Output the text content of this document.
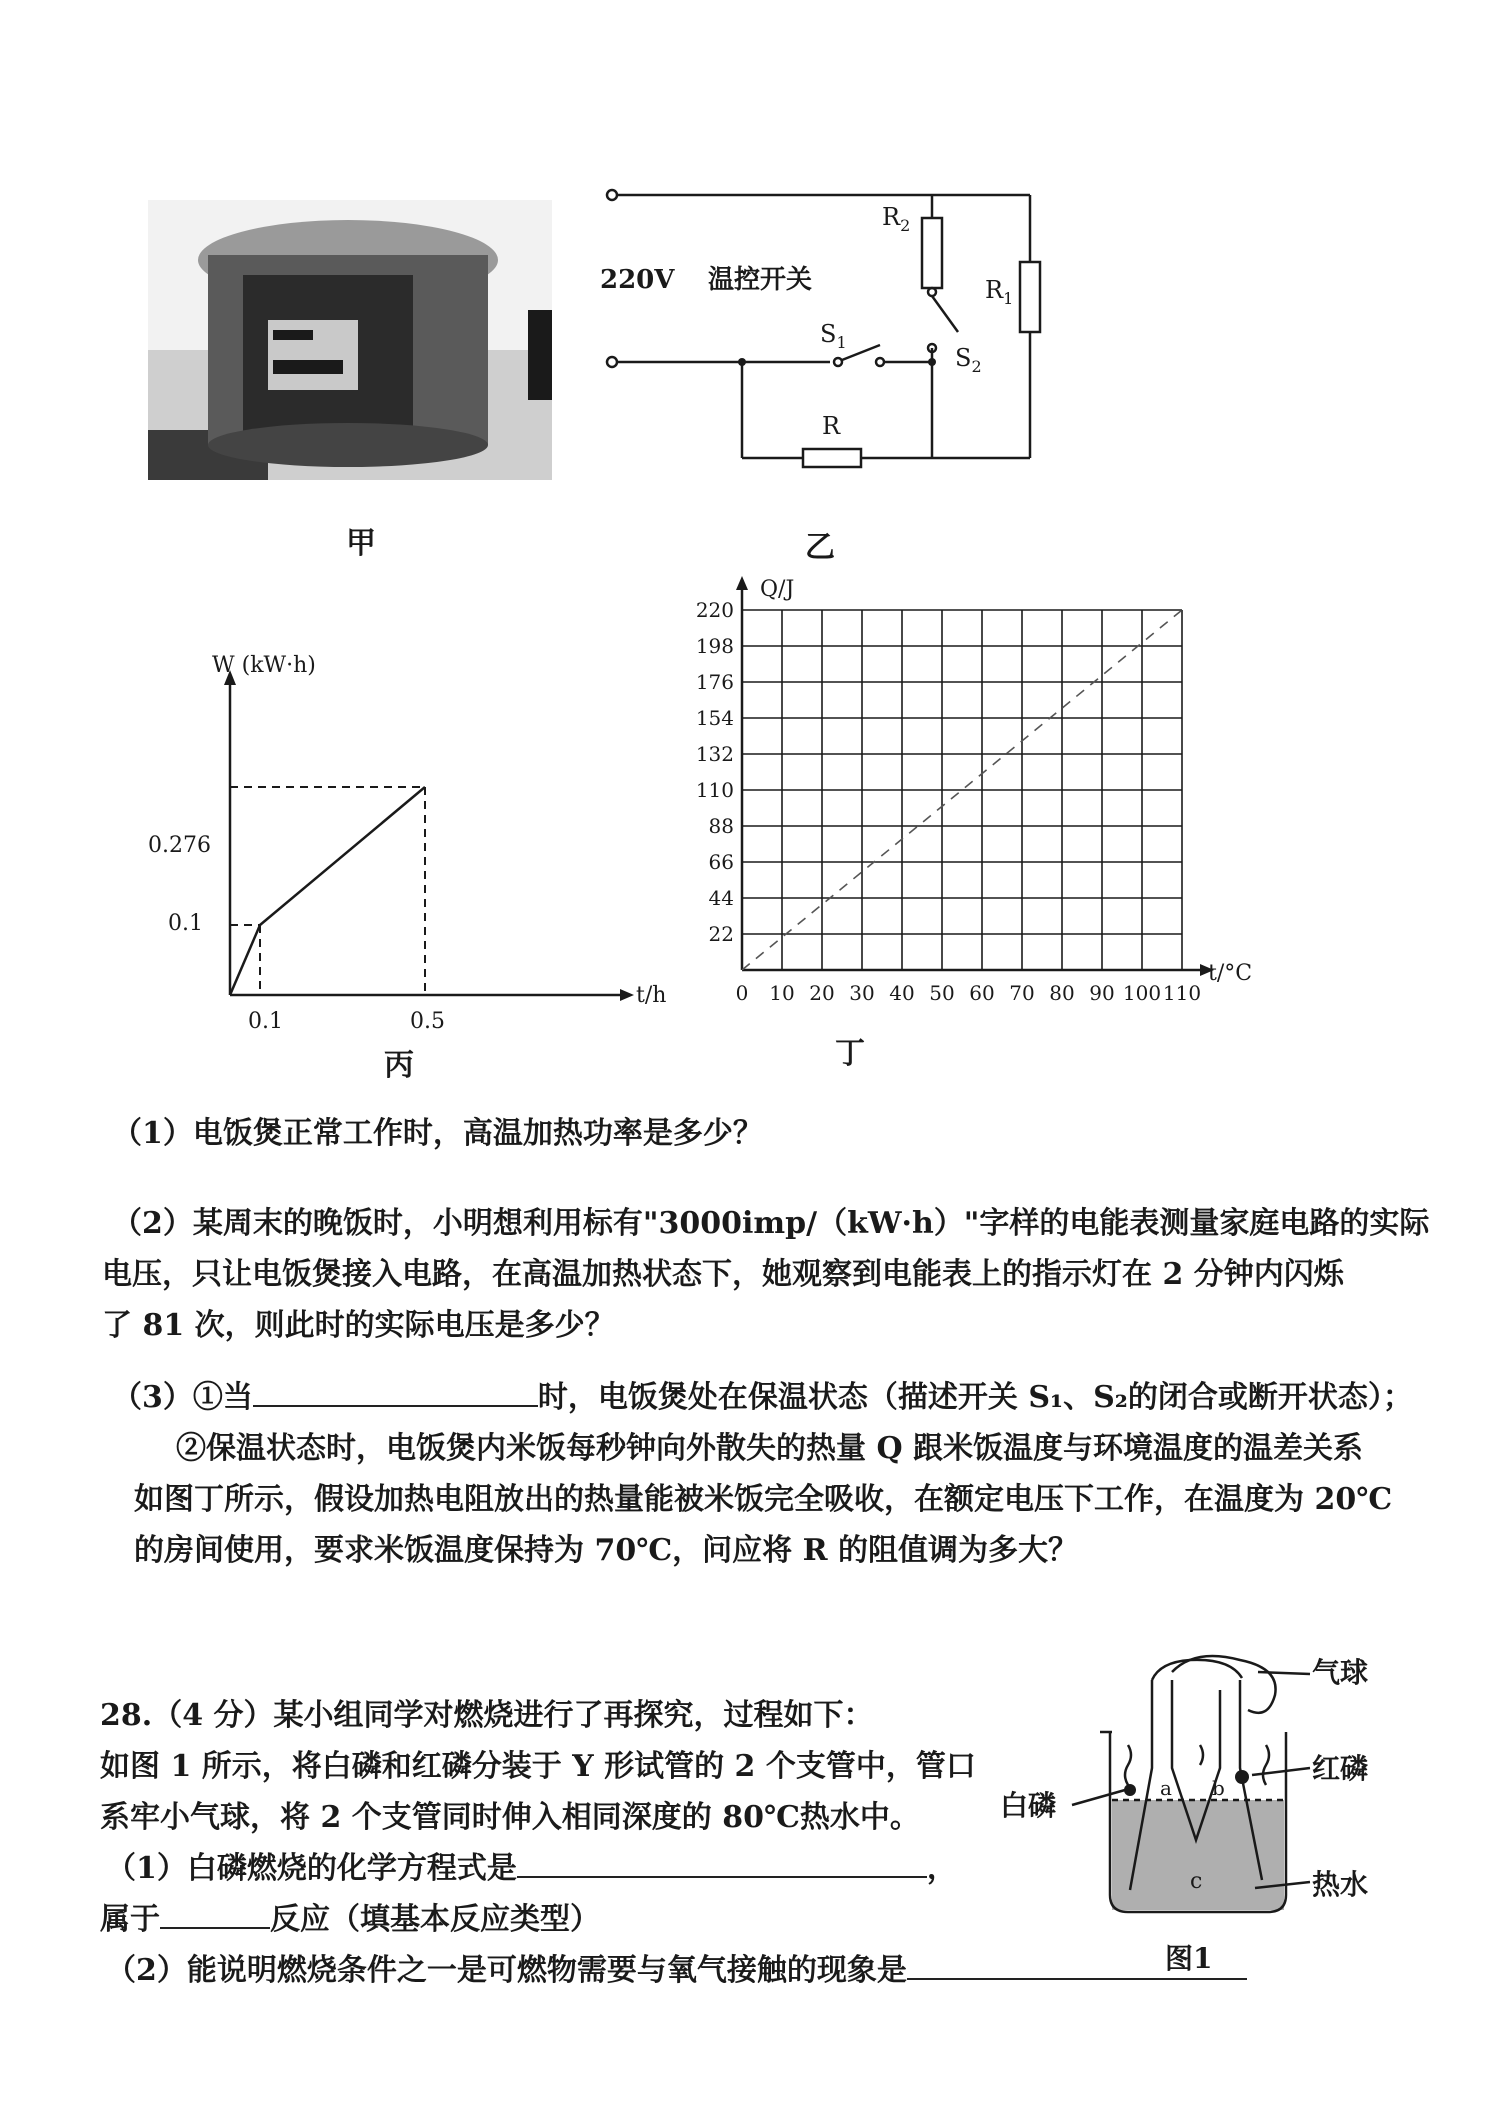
甲
220V 温控开关
$R_2$
$R_1$
$S_1$
$S_2$
R
乙
W (kW·h)
t/h
0.276
0.1
0.1	0.5
丙
220
198
176
154
132
110
88
66
44
22
0 10 20 30 40 50 60 70 80 90 100 110
Q/J
t/°C
丁
（1）电饭煲正常工作时，高温加热功率是多少？
（2）某周末的晚饭时，小明想利用标有"3000imp/（kW·h）"字样的电能表测量家庭电路的实际
电压，只让电饭煲接入电路，在高温加热状态下，她观察到电能表上的指示灯在 2 分钟内闪烁
了 81 次，则此时的实际电压是多少？
（3）①当	时，电饭煲处在保温状态（描述开关 S₁、S₂的闭合或断开状态）；
②保温状态时，电饭煲内米饭每秒钟向外散失的热量 Q 跟米饭温度与环境温度的温差关系
如图丁所示，假设加热电阻放出的热量能被米饭完全吸收，在额定电压下工作，在温度为 20℃
的房间使用，要求米饭温度保持为 70℃，问应将 R 的阻值调为多大？
28.（4 分）某小组同学对燃烧进行了再探究，过程如下：
如图 1 所示，将白磷和红磷分装于 Y 形试管的 2 个支管中，管口
系牢小气球，将 2 个支管同时伸入相同深度的 80℃热水中。
（1）白磷燃烧的化学方程式是	，
属于	反应（填基本反应类型）
（2）能说明燃烧条件之一是可燃物需要与氧气接触的现象是
a b
c
气球
红磷
白磷
热水
图1
